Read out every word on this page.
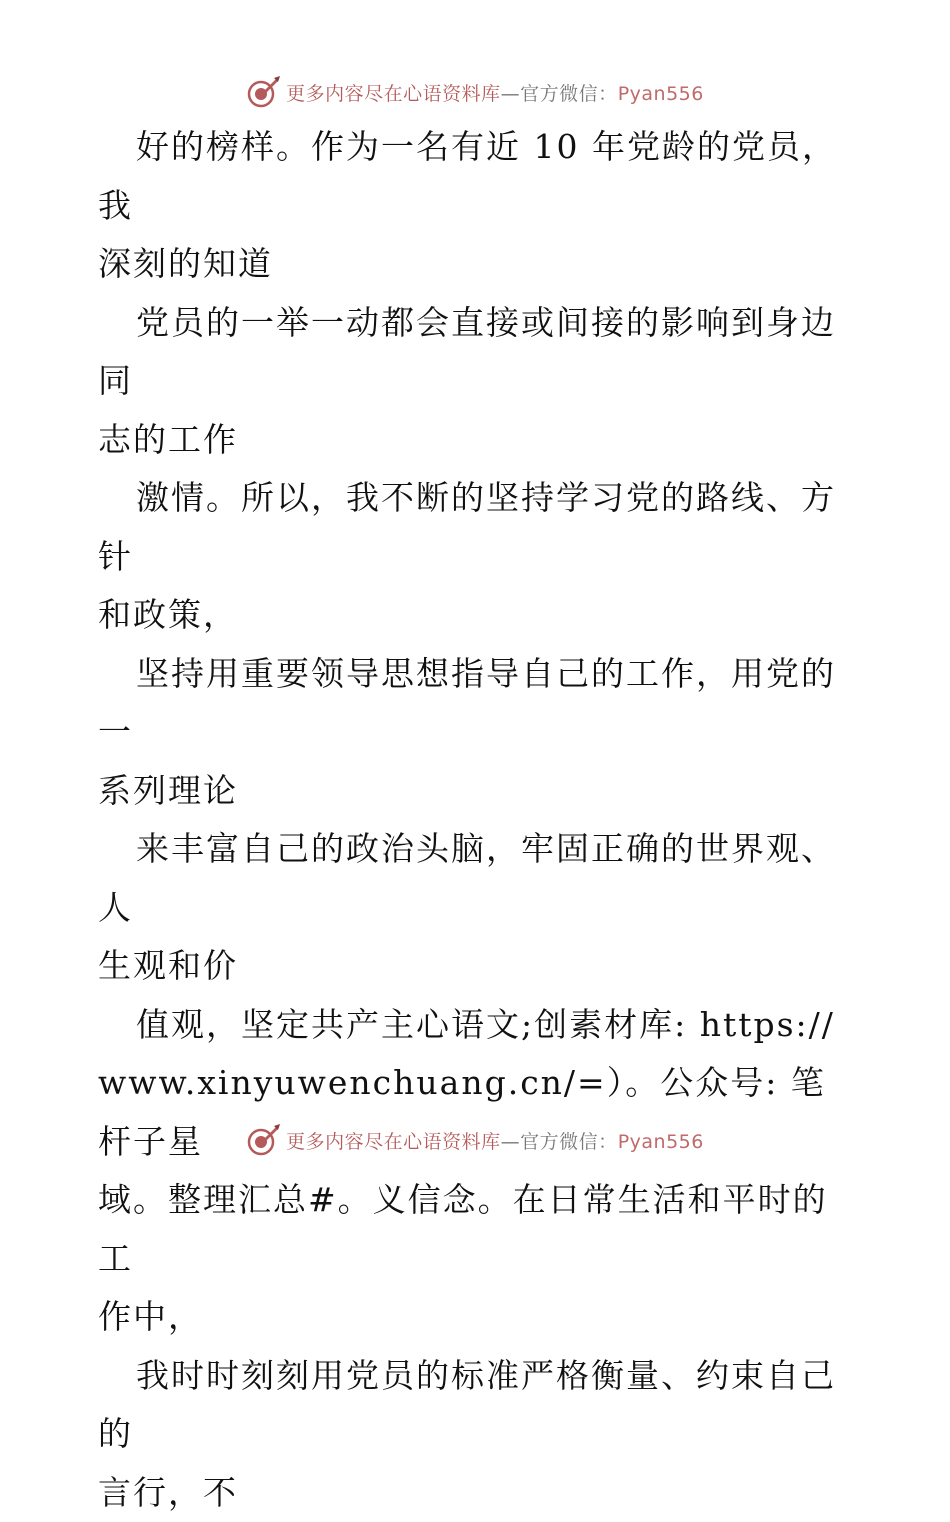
更多内容尽在心语资料库—官方微信：Pyan556

好的榜样。作为一名有近 10 年党龄的党员，我

深刻的知道

党员的一举一动都会直接或间接的影响到身边同

志的工作

激情。所以，我不断的坚持学习党的路线、方针

和政策，

坚持用重要领导思想指导自己的工作，用党的一

系列理论

来丰富自己的政治头脑，牢固正确的世界观、人

生观和价

值观，坚定共产主心语文;创素材库: https://

www.xinyuwenchuang.cn/=）。公众号: 笔杆子星

域。整理汇总#。义信念。在日常生活和平时的工

作中，

我时时刻刻用党员的标准严格衡量、约束自己的

言行，不

更多内容尽在心语资料库—官方微信：Pyan556
